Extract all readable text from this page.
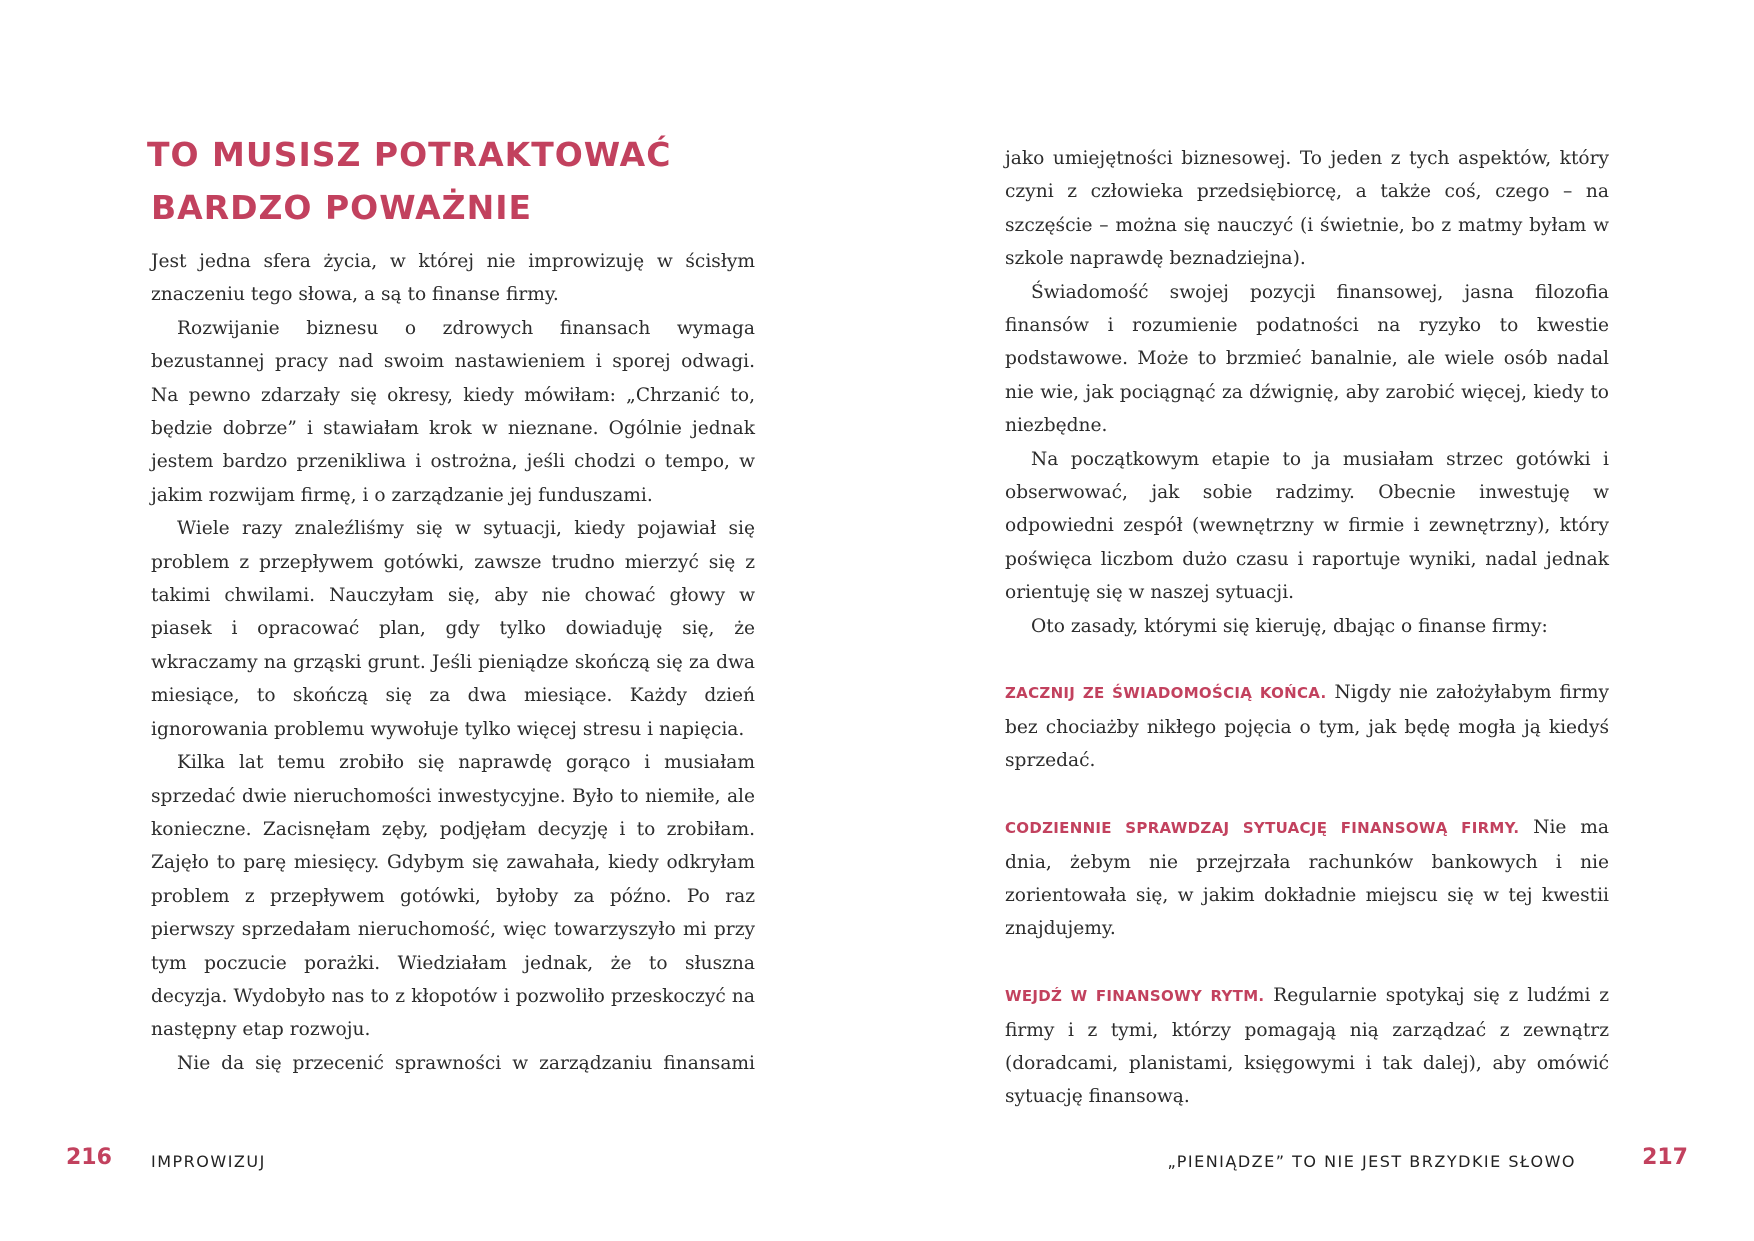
TO MUSISZ POTRAKTOWAĆ
BARDZO POWAŻNIE

Jest jedna sfera życia, w której nie improwizuję w ścisłym znaczeniu tego słowa, a są to finanse firmy.

Rozwijanie biznesu o zdrowych finansach wymaga bezustannej pracy nad swoim nastawieniem i sporej odwagi. Na pewno zdarzały się okresy, kiedy mówiłam: „Chrzanić to, będzie dobrze” i stawiałam krok w nieznane. Ogólnie jednak jestem bardzo przenikliwa i ostrożna, jeśli chodzi o tempo, w jakim rozwijam firmę, i o zarządzanie jej funduszami.

Wiele razy znaleźliśmy się w sytuacji, kiedy pojawiał się problem z przepływem gotówki, zawsze trudno mierzyć się z takimi chwilami. Nauczyłam się, aby nie chować głowy w piasek i opracować plan, gdy tylko dowiaduję się, że wkraczamy na grząski grunt. Jeśli pieniądze skończą się za dwa miesiące, to skończą się za dwa miesiące. Każdy dzień ignorowania problemu wywołuje tylko więcej stresu i napięcia.

Kilka lat temu zrobiło się naprawdę gorąco i musiałam sprzedać dwie nieruchomości inwestycyjne. Było to niemiłe, ale konieczne. Zacisnęłam zęby, podjęłam decyzję i to zrobiłam. Zajęło to parę miesięcy. Gdybym się zawahała, kiedy odkryłam problem z przepływem gotówki, byłoby za późno. Po raz pierwszy sprzedałam nieruchomość, więc towarzyszyło mi przy tym poczucie porażki. Wiedziałam jednak, że to słuszna decyzja. Wydobyło nas to z kłopotów i pozwoliło przeskoczyć na następny etap rozwoju.

Nie da się przecenić sprawności w zarządzaniu finansami

216 IMPROWIZUJ

jako umiejętności biznesowej. To jeden z tych aspektów, który czyni z człowieka przedsiębiorcę, a także coś, czego – na szczęście – można się nauczyć (i świetnie, bo z matmy byłam w szkole naprawdę beznadziejna).

Świadomość swojej pozycji finansowej, jasna filozofia finansów i rozumienie podatności na ryzyko to kwestie podstawowe. Może to brzmieć banalnie, ale wiele osób nadal nie wie, jak pociągnąć za dźwignię, aby zarobić więcej, kiedy to niezbędne.

Na początkowym etapie to ja musiałam strzec gotówki i obserwować, jak sobie radzimy. Obecnie inwestuję w odpowiedni zespół (wewnętrzny w firmie i zewnętrzny), który poświęca liczbom dużo czasu i raportuje wyniki, nadal jednak orientuję się w naszej sytuacji.

Oto zasady, którymi się kieruję, dbając o finanse firmy:

ZACZNIJ ZE ŚWIADOMOŚCIĄ KOŃCA. Nigdy nie założyłabym firmy bez chociażby nikłego pojęcia o tym, jak będę mogła ją kiedyś sprzedać.

CODZIENNIE SPRAWDZAJ SYTUACJĘ FINANSOWĄ FIRMY. Nie ma dnia, żebym nie przejrzała rachunków bankowych i nie zorientowała się, w jakim dokładnie miejscu się w tej kwestii znajdujemy.

WEJDŹ W FINANSOWY RYTM. Regularnie spotykaj się z ludźmi z firmy i z tymi, którzy pomagają nią zarządzać z zewnątrz (doradcami, planistami, księgowymi i tak dalej), aby omówić sytuację finansową.

„PIENIĄDZE” TO NIE JEST BRZYDKIE SŁOWO	217
